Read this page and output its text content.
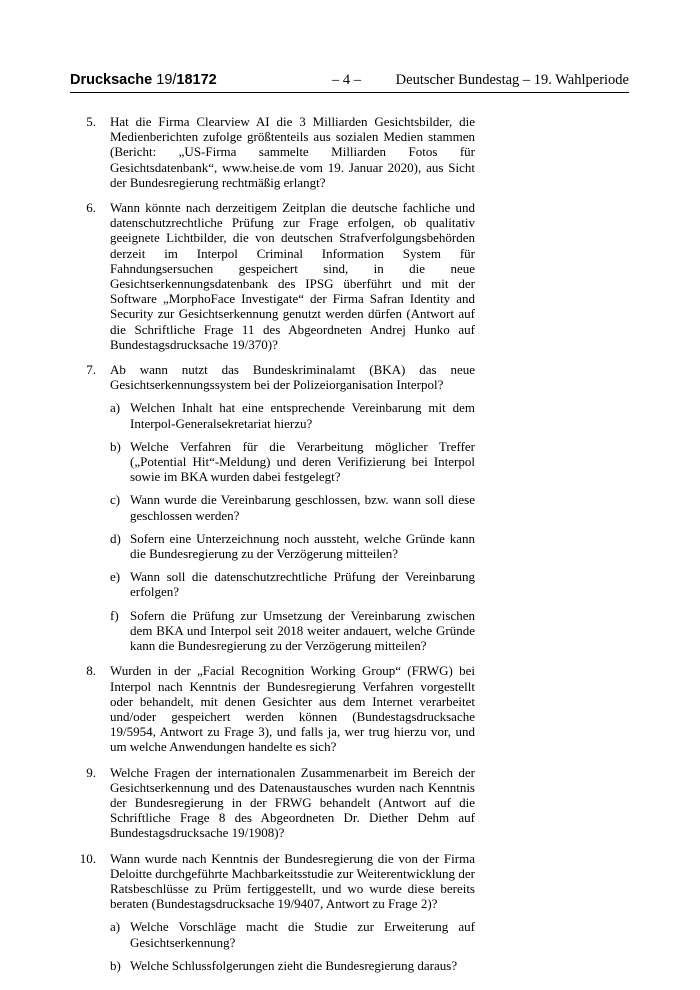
Drucksache 19/18172	– 4 – Deutscher Bundestag – 19. Wahlperiode
5. Hat die Firma Clearview AI die 3 Milliarden Gesichtsbilder, die Medienberichten zufolge größtenteils aus sozialen Medien stammen (Bericht: „US-Firma sammelte Milliarden Fotos für Gesichtsdatenbank“, www.heise.de vom 19. Januar 2020), aus Sicht der Bundesregierung rechtmäßig erlangt?
6. Wann könnte nach derzeitigem Zeitplan die deutsche fachliche und datenschutzrechtliche Prüfung zur Frage erfolgen, ob qualitativ geeignete Lichtbilder, die von deutschen Strafverfolgungsbehörden derzeit im Interpol Criminal Information System für Fahndungsersuchen gespeichert sind, in die neue Gesichtserkennungsdatenbank des IPSG überführt und mit der Software „MorphoFace Investigate“ der Firma Safran Identity and Security zur Gesichtserkennung genutzt werden dürfen (Antwort auf die Schriftliche Frage 11 des Abgeordneten Andrej Hunko auf Bundestagsdrucksache 19/370)?
7. Ab wann nutzt das Bundeskriminalamt (BKA) das neue Gesichtserkennungssystem bei der Polizeiorganisation Interpol?
a) Welchen Inhalt hat eine entsprechende Vereinbarung mit dem Interpol-Generalsekretariat hierzu?
b) Welche Verfahren für die Verarbeitung möglicher Treffer („Potential Hit“-Meldung) und deren Verifizierung bei Interpol sowie im BKA wurden dabei festgelegt?
c) Wann wurde die Vereinbarung geschlossen, bzw. wann soll diese geschlossen werden?
d) Sofern eine Unterzeichnung noch aussteht, welche Gründe kann die Bundesregierung zu der Verzögerung mitteilen?
e) Wann soll die datenschutzrechtliche Prüfung der Vereinbarung erfolgen?
f) Sofern die Prüfung zur Umsetzung der Vereinbarung zwischen dem BKA und Interpol seit 2018 weiter andauert, welche Gründe kann die Bundesregierung zu der Verzögerung mitteilen?
8. Wurden in der „Facial Recognition Working Group“ (FRWG) bei Interpol nach Kenntnis der Bundesregierung Verfahren vorgestellt oder behandelt, mit denen Gesichter aus dem Internet verarbeitet und/oder gespeichert werden können (Bundestagsdrucksache 19/5954, Antwort zu Frage 3), und falls ja, wer trug hierzu vor, und um welche Anwendungen handelte es sich?
9. Welche Fragen der internationalen Zusammenarbeit im Bereich der Gesichtserkennung und des Datenaustausches wurden nach Kenntnis der Bundesregierung in der FRWG behandelt (Antwort auf die Schriftliche Frage 8 des Abgeordneten Dr. Diether Dehm auf Bundestagsdrucksache 19/1908)?
10. Wann wurde nach Kenntnis der Bundesregierung die von der Firma Deloitte durchgeführte Machbarkeitsstudie zur Weiterentwicklung der Ratsbeschlüsse zu Prüm fertiggestellt, und wo wurde diese bereits beraten (Bundestagsdrucksache 19/9407, Antwort zu Frage 2)?
a) Welche Vorschläge macht die Studie zur Erweiterung auf Gesichtserkennung?
b) Welche Schlussfolgerungen zieht die Bundesregierung daraus?
